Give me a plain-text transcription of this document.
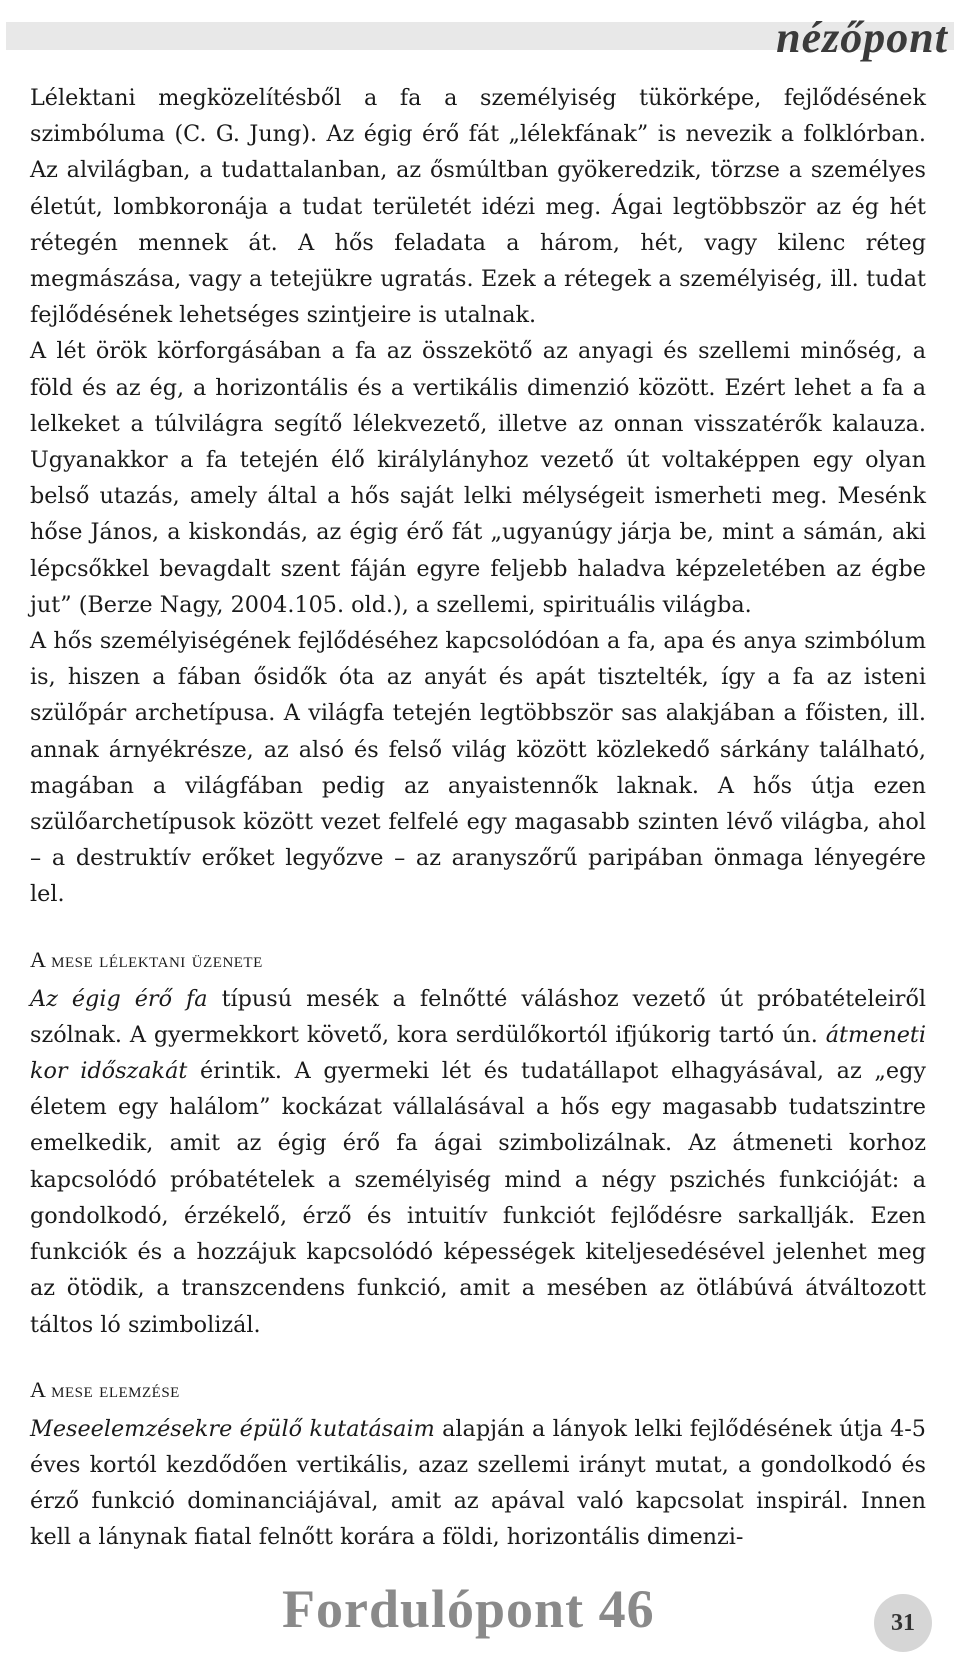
nézőpont

Lélektani megközelítésből a fa a személyiség tükörképe, fejlődésének szimbóluma (C. G. Jung). Az égig érő fát „lélekfának” is nevezik a folklórban. Az alvilágban, a tudattalanban, az ősmúltban gyökeredzik, törzse a személyes életút, lombkoronája a tudat területét idézi meg. Ágai legtöbbször az ég hét rétegén mennek át. A hős feladata a három, hét, vagy kilenc réteg megmászása, vagy a tetejükre ugratás. Ezek a rétegek a személyiség, ill. tudat fejlődésének lehetséges szintjeire is utalnak.

A lét örök körforgásában a fa az összekötő az anyagi és szellemi minőség, a föld és az ég, a horizontális és a vertikális dimenzió között. Ezért lehet a fa a lelkeket a túlvilágra segítő lélekvezető, illetve az onnan visszatérők kalauza. Ugyanakkor a fa tetején élő királylányhoz vezető út voltaképpen egy olyan belső utazás, amely által a hős saját lelki mélységeit ismerheti meg. Mesénk hőse János, a kiskondás, az égig érő fát „ugyanúgy járja be, mint a sámán, aki lépcsőkkel bevagdalt szent fáján egyre feljebb haladva képzeletében az égbe jut” (Berze Nagy, 2004.105. old.), a szellemi, spirituális világba.

A hős személyiségének fejlődéséhez kapcsolódóan a fa, apa és anya szimbólum is, hiszen a fában ősidők óta az anyát és apát tisztelték, így a fa az isteni szülőpár archetípusa. A világfa tetején legtöbbször sas alakjában a főisten, ill. annak árnyékrésze, az alsó és felső világ között közlekedő sárkány található, magában a világfában pedig az anyaistennők laknak. A hős útja ezen szülőarchetípusok között vezet felfelé egy magasabb szinten lévő világba, ahol – a destruktív erőket legyőzve – az aranyszőrű paripában önmaga lényegére lel.

A mese lélektani üzenete

Az égig érő fa típusú mesék a felnőtté váláshoz vezető út próbatételeiről szólnak. A gyermekkort követő, kora serdülőkortól ifjúkorig tartó ún. átmeneti kor időszakát érintik. A gyermeki lét és tudatállapot elhagyásával, az „egy életem egy halálom” kockázat vállalásával a hős egy magasabb tudatszintre emelkedik, amit az égig érő fa ágai szimbolizálnak. Az átmeneti korhoz kapcsolódó próbatételek a személyiség mind a négy pszichés funkcióját: a gondolkodó, érzékelő, érző és intuitív funkciót fejlődésre sarkallják. Ezen funkciók és a hozzájuk kapcsolódó képességek kiteljesedésével jelenhet meg az ötödik, a transzcendens funkció, amit a mesében az ötlábúvá átváltozott táltos ló szimbolizál.

A mese elemzése

Meseelemzésekre épülő kutatásaim alapján a lányok lelki fejlődésének útja 4-5 éves kortól kezdődően vertikális, azaz szellemi irányt mutat, a gondolkodó és érző funkció dominanciájával, amit az apával való kapcsolat inspirál. Innen kell a lánynak fiatal felnőtt korára a földi, horizontális dimenzi-

Fordulópont 46	31
